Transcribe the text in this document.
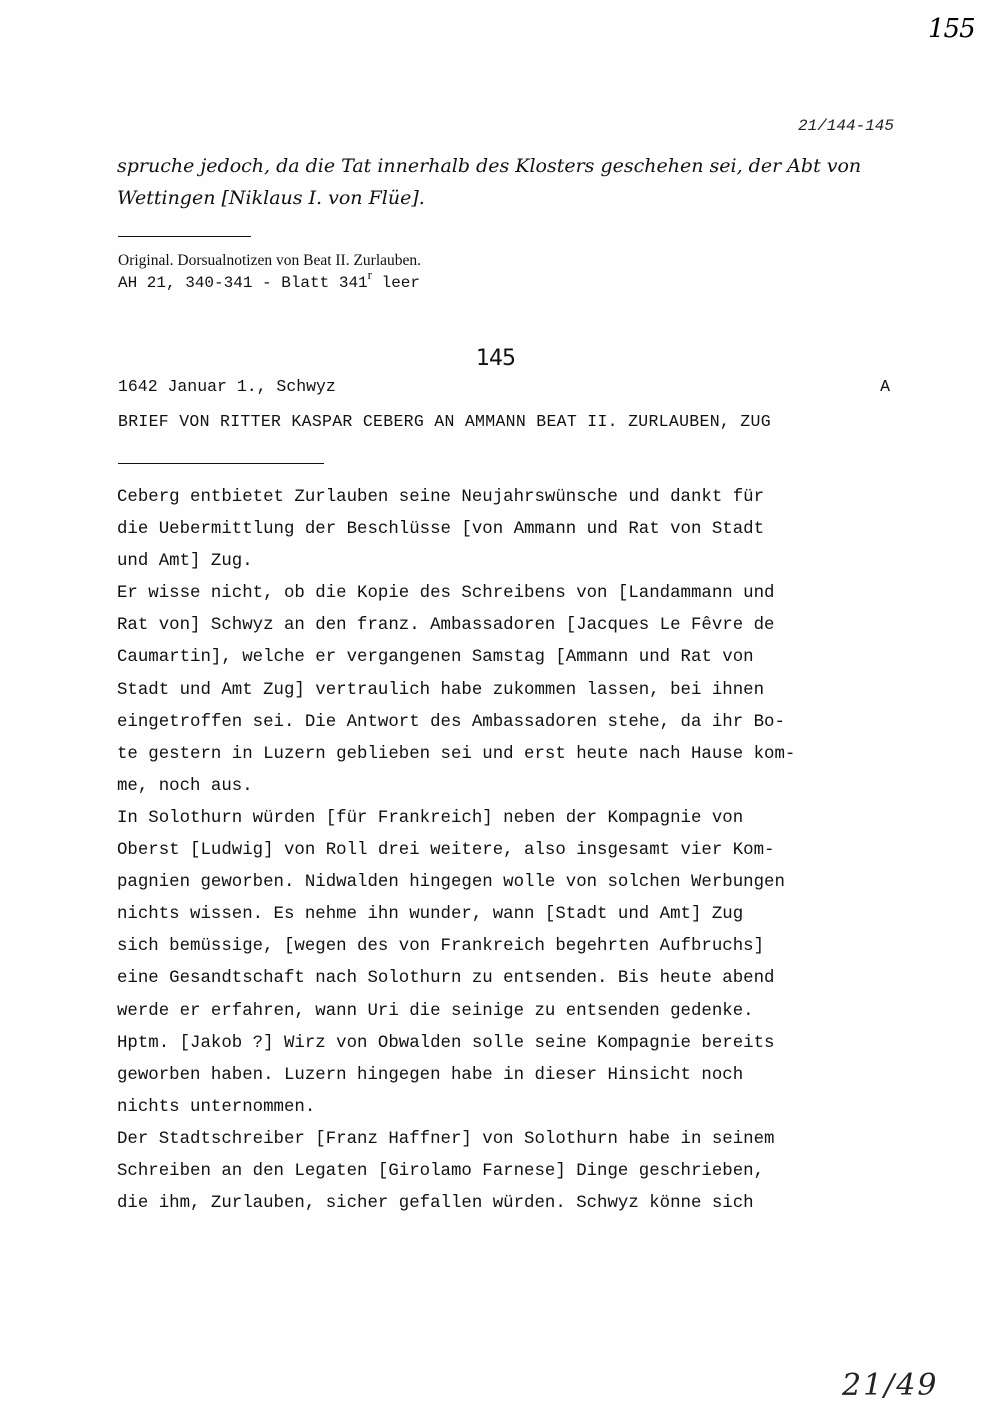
155
21/144-145
spruche jedoch, da die Tat innerhalb des Klosters geschehen sei, der Abt von
Wettingen [Niklaus I. von Flüe].
Original. Dorsualnotizen von Beat II. Zurlauben.
AH 21, 340-341 - Blatt 341$^r$ leer
145
1642 Januar 1., Schwyz	A
BRIEF VON RITTER KASPAR CEBERG AN AMMANN BEAT II. ZURLAUBEN, ZUG
Ceberg entbietet Zurlauben seine Neujahrswünsche und dankt für
die Uebermittlung der Beschlüsse [von Ammann und Rat von Stadt
und Amt] Zug.
Er wisse nicht, ob die Kopie des Schreibens von [Landammann und
Rat von] Schwyz an den franz. Ambassadoren [Jacques Le Fêvre de
Caumartin], welche er vergangenen Samstag [Ammann und Rat von
Stadt und Amt Zug] vertraulich habe zukommen lassen, bei ihnen
eingetroffen sei. Die Antwort des Ambassadoren stehe, da ihr Bo-
te gestern in Luzern geblieben sei und erst heute nach Hause kom-
me, noch aus.
In Solothurn würden [für Frankreich] neben der Kompagnie von
Oberst [Ludwig] von Roll drei weitere, also insgesamt vier Kom-
pagnien geworben. Nidwalden hingegen wolle von solchen Werbungen
nichts wissen. Es nehme ihn wunder, wann [Stadt und Amt] Zug
sich bemüssige, [wegen des von Frankreich begehrten Aufbruchs]
eine Gesandtschaft nach Solothurn zu entsenden. Bis heute abend
werde er erfahren, wann Uri die seinige zu entsenden gedenke.
Hptm. [Jakob ?] Wirz von Obwalden solle seine Kompagnie bereits
geworben haben. Luzern hingegen habe in dieser Hinsicht noch
nichts unternommen.
Der Stadtschreiber [Franz Haffner] von Solothurn habe in seinem
Schreiben an den Legaten [Girolamo Farnese] Dinge geschrieben,
die ihm, Zurlauben, sicher gefallen würden. Schwyz könne sich
21/49
